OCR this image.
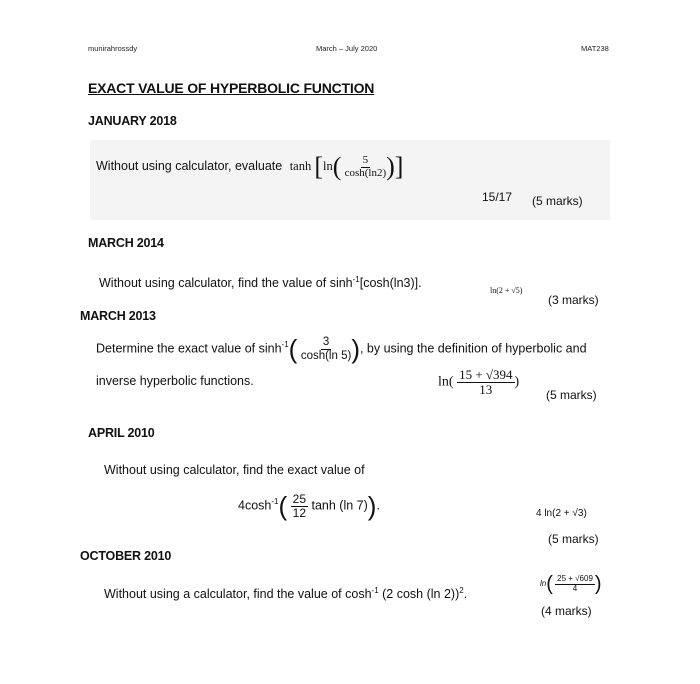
munirahrossdy	March – July 2020	MAT238
EXACT VALUE OF HYPERBOLIC FUNCTION
JANUARY 2018
Without using calculator, evaluate $\tanh [\ln( \frac{5}{\cosh(\ln 2)}$ )]
15/17 (5 marks)
MARCH 2014
Without using calculator, find the value of $\sinh^{-1}[\cosh(\ln 3)]$.
ln(2 + √5)
(3 marks)
MARCH 2013
Determine the exact value of $\sinh^{-1}( \frac{3}{\cosh(\ln 5)}$ ), by using the definition of hyperbolic and
inverse hyperbolic functions.	$\ln( \frac{15 + √394}{13}$ )
(5 marks)
APRIL 2010
Without using calculator, find the exact value of
$4\cosh^{-1}( \frac{25}{12}$ tanh (ln 7)).
4 ln(2 + √3)
(5 marks)
OCTOBER 2010
Without using a calculator, find the value of $\cosh^{-1} (2$ cosh (ln 2))$^2$.
$\ln( \frac{25 + √609}{4}$ )
(4 marks)
